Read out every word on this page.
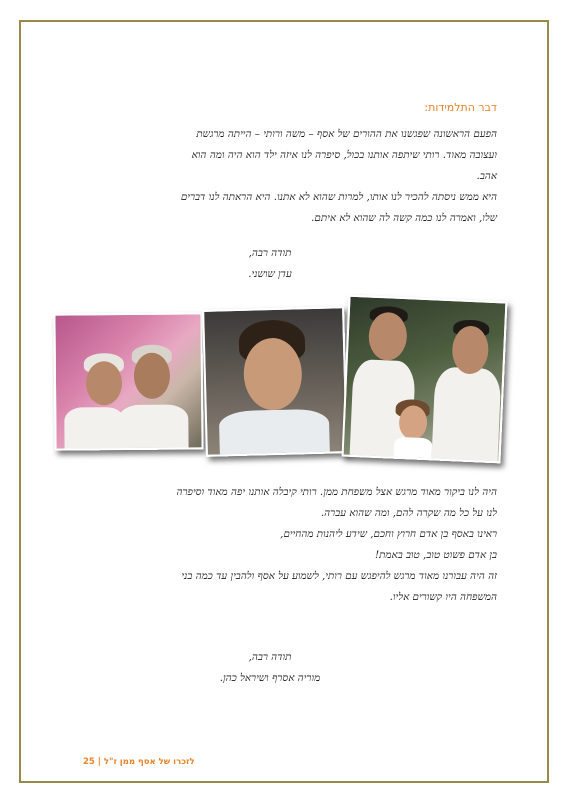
דבר התלמידות:
הפעם הראשונה שפגשנו את ההורים של אסף – משה ורותי – הייתה מרגשת
ועצובה מאוד. רותי שיתפה אותנו בכול, סיפרה לנו איזה ילד הוא היה ומה הוא
אהב.
היא ממש ניסתה להכיר לנו אותו, למרות שהוא לא אתנו. היא הראתה לנו דברים
שלו, ואמרה לנו כמה קשה לה שהוא לא איתם.
תודה רבה,
עדן שושני.
היה לנו ביקור מאוד מרגש אצל משפחת ממן. רותי קיבלה אותנו יפה מאוד וסיפרה
לנו על כל מה שקרה להם, ומה שהוא עברה.
ראינו באסף בן אדם חרוץ וחכם, שידע ליהנות מהחיים,
בן אדם פשוט טוב, טוב באמת!
זה היה עבורנו מאוד מרגש להיפגש עם רותי, לשמוע על אסף ולהבין עד כמה בני
המשפחה היו קשורים אליו.
תודה רבה,
מוריה אסרף ושיראל כהן.
לזכרו של אסף ממן ז"ל | 25
